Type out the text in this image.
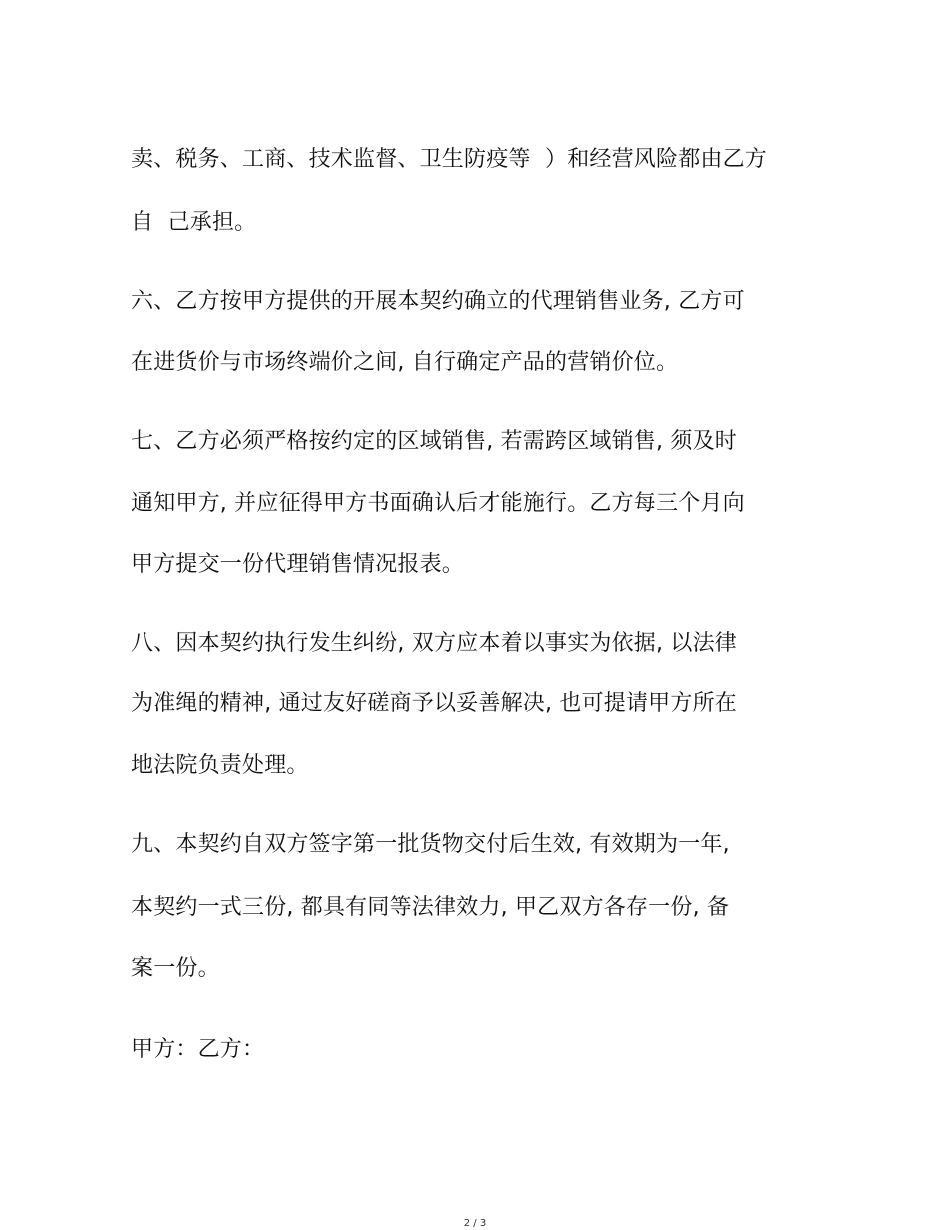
卖、税务、工商、技术监督、卫生防疫等  ）和经营风险都由乙方
自  己承担。
六、乙方按甲方提供的开展本契约确立的代理销售业务, 乙方可
在进货价与市场终端价之间, 自行确定产品的营销价位。
七、乙方必须严格按约定的区域销售, 若需跨区域销售, 须及时
通知甲方, 并应征得甲方书面确认后才能施行。乙方每三个月向
甲方提交一份代理销售情况报表。
八、因本契约执行发生纠纷, 双方应本着以事实为依据, 以法律
为准绳的精神, 通过友好磋商予以妥善解决, 也可提请甲方所在
地法院负责处理。
九、本契约自双方签字第一批货物交付后生效, 有效期为一年,
本契约一式三份, 都具有同等法律效力, 甲乙双方各存一份, 备
案一份。
甲方：乙方：
2 / 3
